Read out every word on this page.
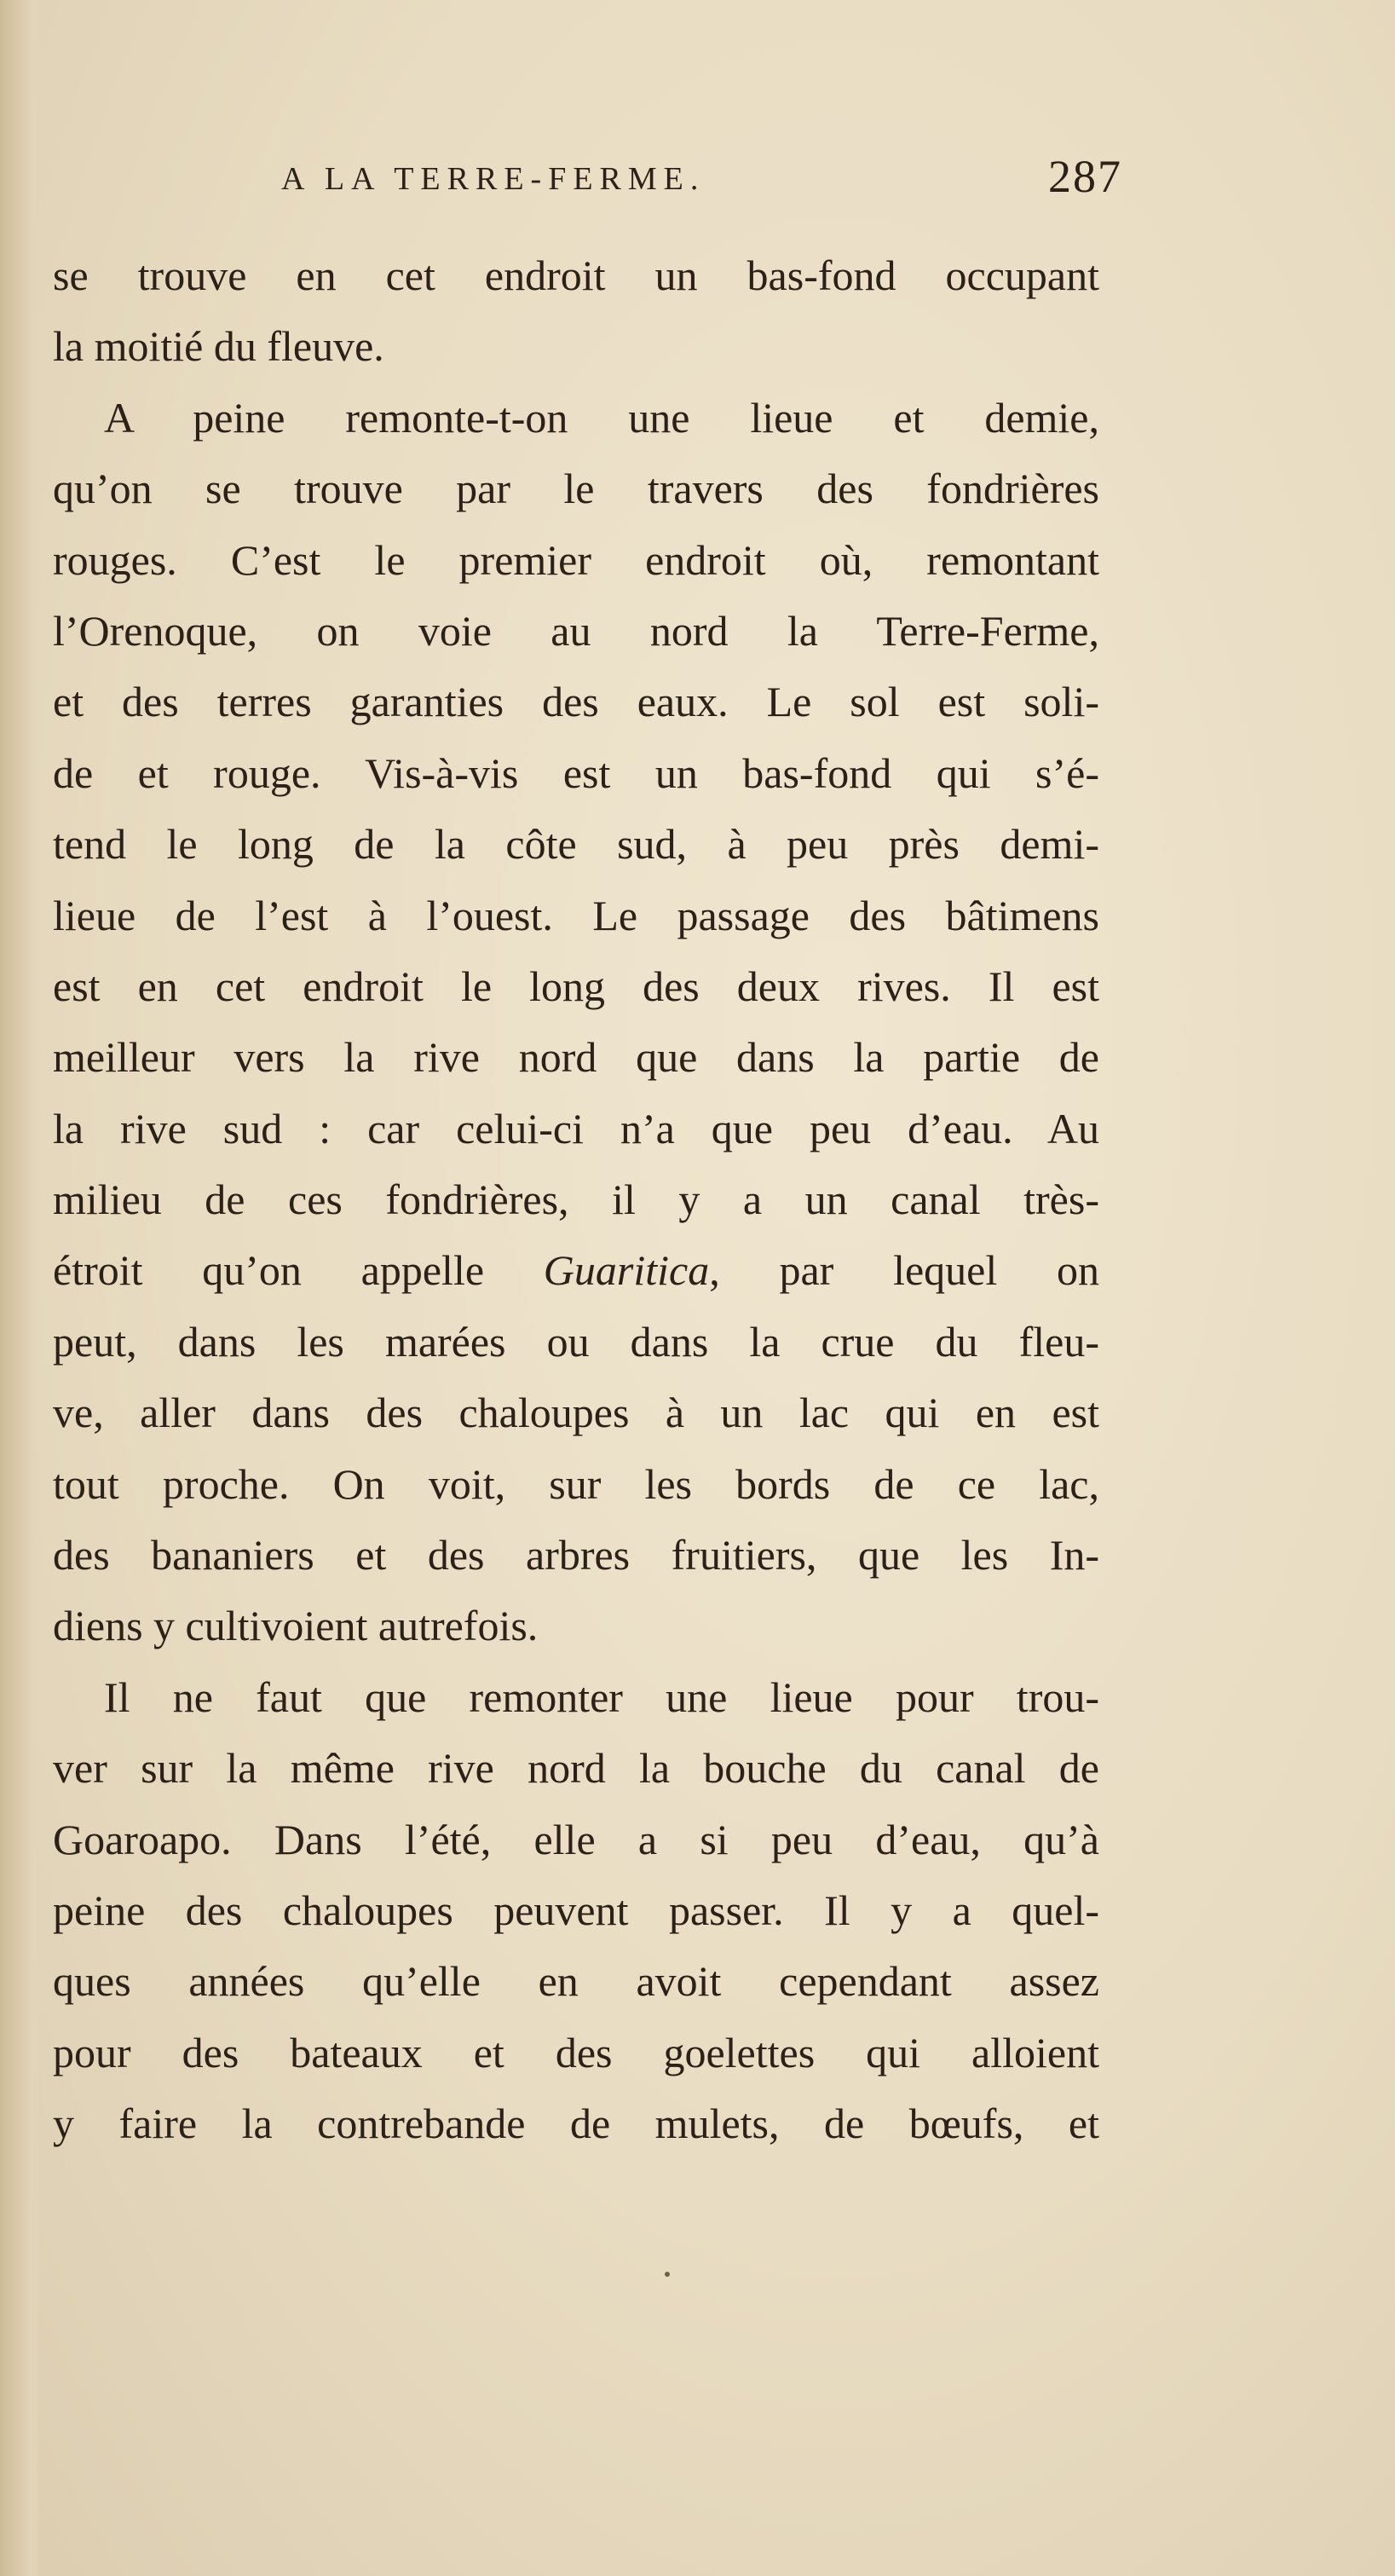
A LA TERRE-FERME.	287
se trouve en cet endroit un bas-fond occupant
la moitié du fleuve.
A peine remonte-t-on une lieue et demie,
qu’on se trouve par le travers des fondrières
rouges. C’est le premier endroit où, remontant
l’Orenoque, on voie au nord la Terre-Ferme,
et des terres garanties des eaux. Le sol est soli-
de et rouge. Vis-à-vis est un bas-fond qui s’é-
tend le long de la côte sud, à peu près demi-
lieue de l’est à l’ouest. Le passage des bâtimens
est en cet endroit le long des deux rives. Il est
meilleur vers la rive nord que dans la partie de
la rive sud : car celui-ci n’a que peu d’eau. Au
milieu de ces fondrières, il y a un canal très-
étroit qu’on appelle Guaritica, par lequel on
peut, dans les marées ou dans la crue du fleu-
ve, aller dans des chaloupes à un lac qui en est
tout proche. On voit, sur les bords de ce lac,
des bananiers et des arbres fruitiers, que les In-
diens y cultivoient autrefois.
Il ne faut que remonter une lieue pour trou-
ver sur la même rive nord la bouche du canal de
Goaroapo. Dans l’été, elle a si peu d’eau, qu’à
peine des chaloupes peuvent passer. Il y a quel-
ques années qu’elle en avoit cependant assez
pour des bateaux et des goelettes qui alloient
y faire la contrebande de mulets, de bœufs, et
